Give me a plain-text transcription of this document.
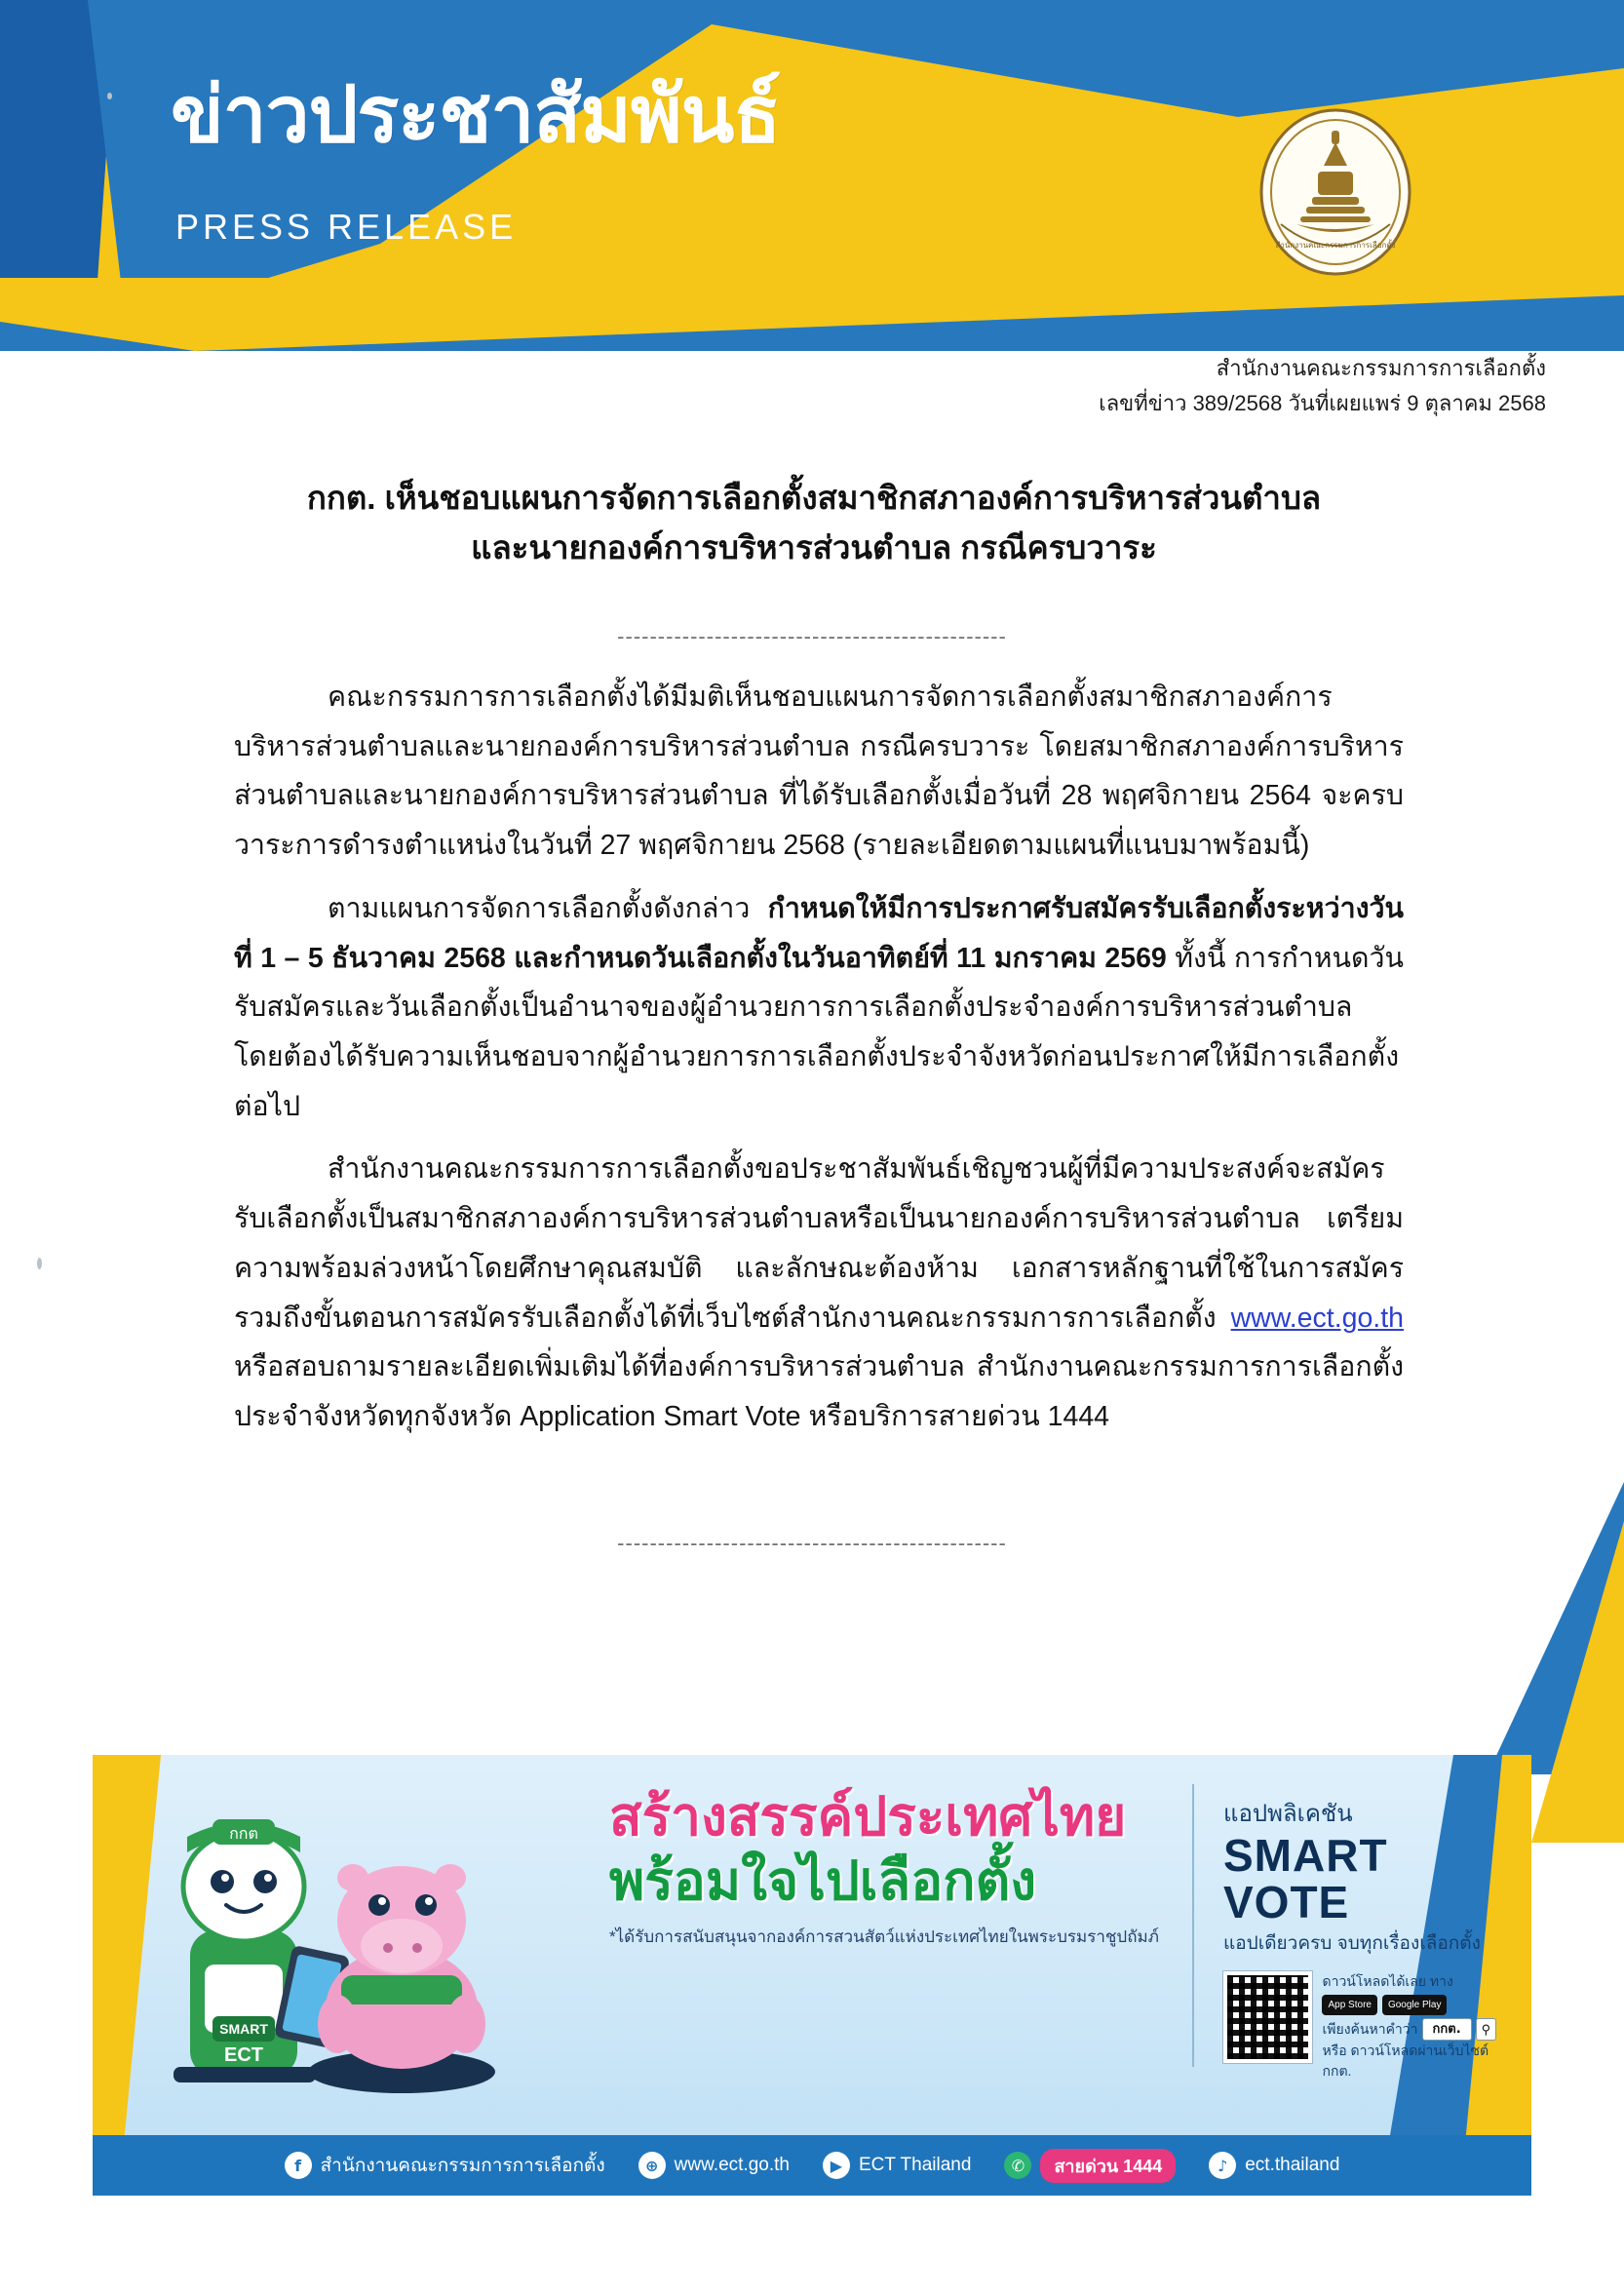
ข่าวประชาสัมพันธ์
PRESS RELEASE	สำนักงานคณะกรรมการการเลือกตั้ง
สำนักงานคณะกรรมการการเลือกตั้ง
เลขที่ข่าว 389/2568 วันที่เผยแพร่ 9 ตุลาคม 2568
กกต. เห็นชอบแผนการจัดการเลือกตั้งสมาชิกสภาองค์การบริหารส่วนตำบล
และนายกองค์การบริหารส่วนตำบล กรณีครบวาระ
------------------------------------------------

คณะกรรมการการเลือกตั้งได้มีมติเห็นชอบแผนการจัดการเลือกตั้งสมาชิกสภาองค์การบริหารส่วนตำบลและนายกองค์การบริหารส่วนตำบล กรณีครบวาระ โดยสมาชิกสภาองค์การบริหารส่วนตำบลและนายกองค์การบริหารส่วนตำบล ที่ได้รับเลือกตั้งเมื่อวันที่ 28 พฤศจิกายน 2564 จะครบวาระการดำรงตำแหน่งในวันที่ 27 พฤศจิกายน 2568 (รายละเอียดตามแผนที่แนบมาพร้อมนี้)

ตามแผนการจัดการเลือกตั้งดังกล่าว กำหนดให้มีการประกาศรับสมัครรับเลือกตั้งระหว่างวันที่ 1 – 5 ธันวาคม 2568 และกำหนดวันเลือกตั้งในวันอาทิตย์ที่ 11 มกราคม 2569 ทั้งนี้ การกำหนดวันรับสมัครและวันเลือกตั้งเป็นอำนาจของผู้อำนวยการการเลือกตั้งประจำองค์การบริหารส่วนตำบล โดยต้องได้รับความเห็นชอบจากผู้อำนวยการการเลือกตั้งประจำจังหวัดก่อนประกาศให้มีการเลือกตั้งต่อไป

สำนักงานคณะกรรมการการเลือกตั้งขอประชาสัมพันธ์เชิญชวนผู้ที่มีความประสงค์จะสมัครรับเลือกตั้งเป็นสมาชิกสภาองค์การบริหารส่วนตำบลหรือเป็นนายกองค์การบริหารส่วนตำบล เตรียมความพร้อมล่วงหน้าโดยศึกษาคุณสมบัติ และลักษณะต้องห้าม เอกสารหลักฐานที่ใช้ในการสมัคร รวมถึงขั้นตอนการสมัครรับเลือกตั้งได้ที่เว็บไซต์สำนักงานคณะกรรมการการเลือกตั้ง www.ect.go.th หรือสอบถามรายละเอียดเพิ่มเติมได้ที่องค์การบริหารส่วนตำบล สำนักงานคณะกรรมการการเลือกตั้งประจำจังหวัดทุกจังหวัด Application Smart Vote หรือบริการสายด่วน 1444

------------------------------------------------
SMART
ECT
กกต	สร้างสรรค์ประเทศไทย
พร้อมใจไปเลือกตั้ง
*ได้รับการสนับสนุนจากองค์การสวนสัตว์แห่งประเทศไทยในพระบรมราชูปถัมภ์
แอปพลิเคชัน
SMART VOTE
แอปเดียวครบ จบทุกเรื่องเลือกตั้ง
ดาวน์โหลดได้เลย ทาง
App Store	Google Play
เพียงค้นหาคำว่า	กกต.	⚲
หรือ ดาวน์โหลดผ่านเว็บไซต์ กกต.
f	สำนักงานคณะกรรมการการเลือกตั้ง	⊕ www.ect.go.th	▶ ECT Thailand	✆	สายด่วน 1444	♪ ect.thailand
